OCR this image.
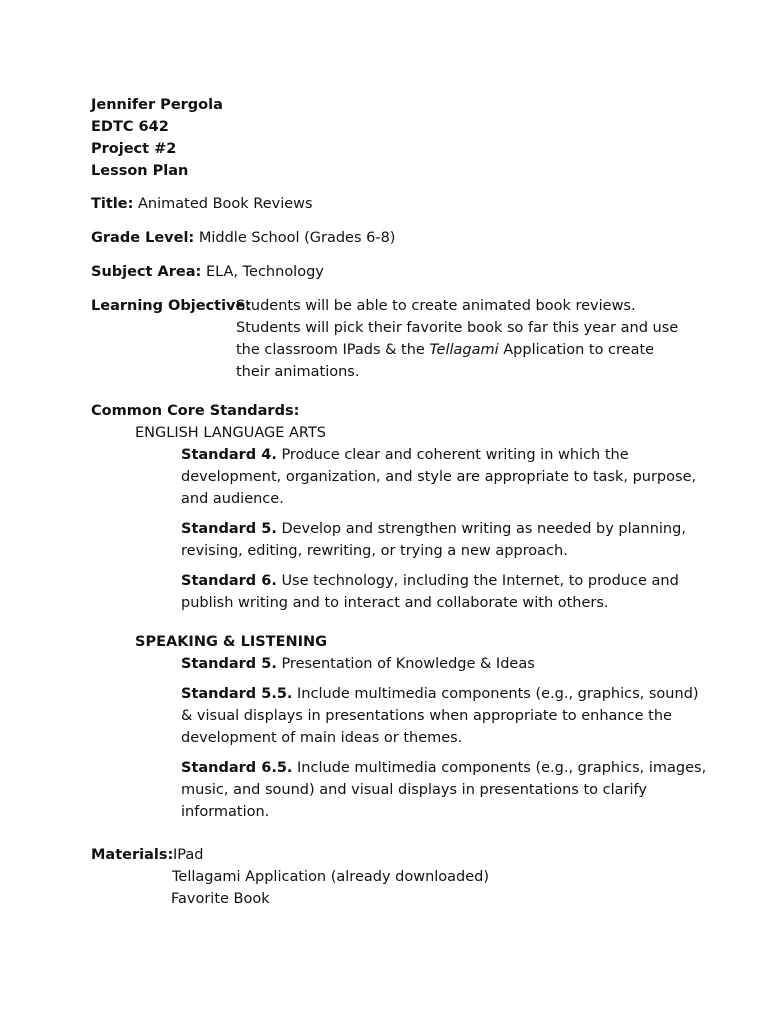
Jennifer Pergola
EDTC 642
Project #2
Lesson Plan
Title: Animated Book Reviews
Grade Level: Middle School (Grades 6-8)
Subject Area: ELA, Technology
Learning Objective:
Students will be able to create animated book reviews.
Students will pick their favorite book so far this year and use
the classroom IPads & the Tellagami Application to create
their animations.
Common Core Standards:
ENGLISH LANGUAGE ARTS
Standard 4. Produce clear and coherent writing in which the
development, organization, and style are appropriate to task, purpose,
and audience.
Standard 5. Develop and strengthen writing as needed by planning,
revising, editing, rewriting, or trying a new approach.
Standard 6. Use technology, including the Internet, to produce and
publish writing and to interact and collaborate with others.
SPEAKING & LISTENING
Standard 5. Presentation of Knowledge & Ideas
Standard 5.5. Include multimedia components (e.g., graphics, sound)
& visual displays in presentations when appropriate to enhance the
development of main ideas or themes.
Standard 6.5. Include multimedia components (e.g., graphics, images,
music, and sound) and visual displays in presentations to clarify
information.
Materials: IPad
Tellagami Application (already downloaded)
Favorite Book
